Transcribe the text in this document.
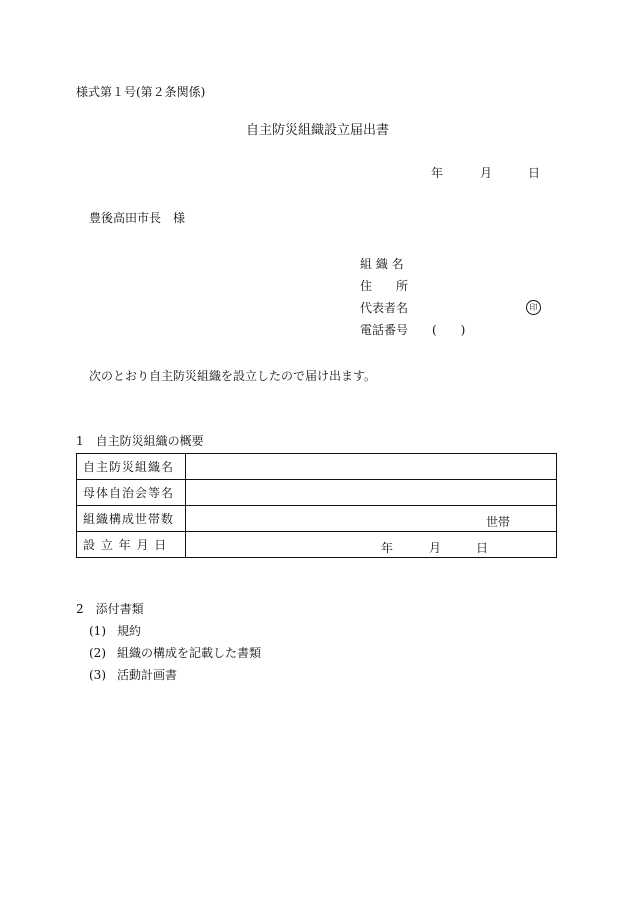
様式第１号(第２条関係)
自主防災組織設立届出書
年	月	日
豊後高田市長　様
組 織 名
住　　所
代表者名	印
電話番号 (　　)
次のとおり自主防災組織を設立したので届け出ます。
1　自主防災組織の概要
自主防災組織名	
母体自治会等名	
組織構成世帯数	世帯

設 立 年 月 日	年 月 日
2　添付書類
(1) 規約
(2) 組織の構成を記載した書類
(3) 活動計画書
